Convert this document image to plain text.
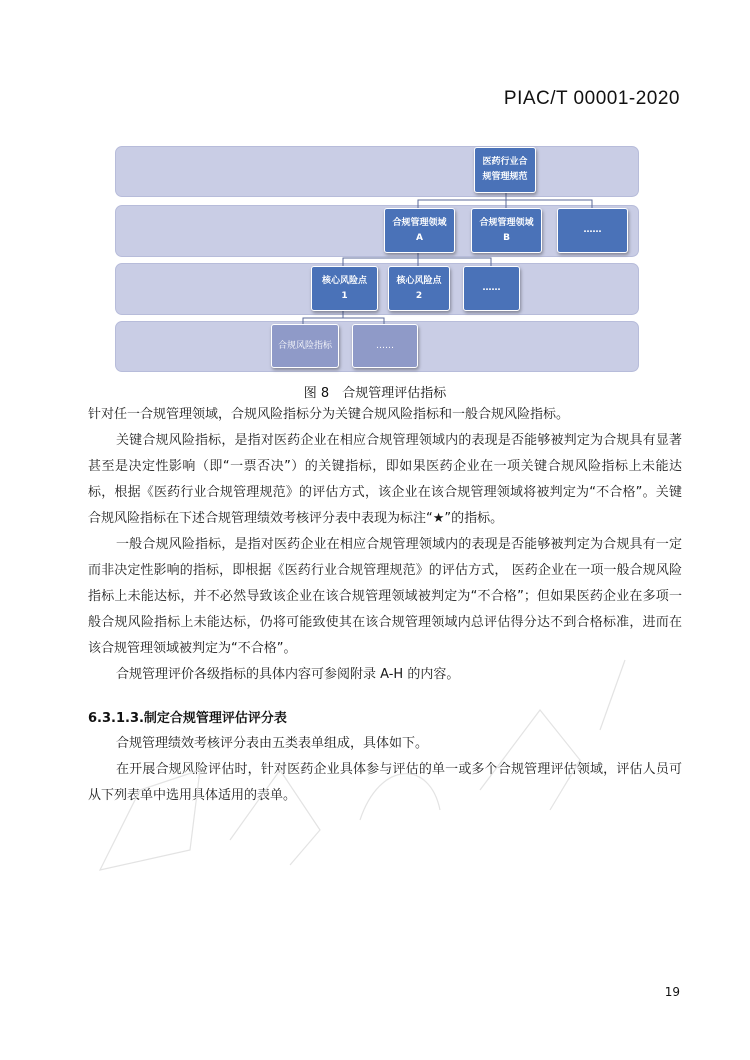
PIAC/T 00001-2020
医药行业合
规管理规范
合规管理领域
A
合规管理领域
B
……
核心风险点
1
核心风险点
2
……
合规风险指标	……
图 8　合规管理评估指标

针对任一合规管理领域，合规风险指标分为关键合规风险指标和一般合规风险指标。

关键合规风险指标，是指对医药企业在相应合规管理领域内的表现是否能够被判定为合规具有显著甚至是决定性影响（即“一票否决”）的关键指标，即如果医药企业在一项关键合规风险指标上未能达标，根据《医药行业合规管理规范》的评估方式，该企业在该合规管理领域将被判定为“不合格”。关键合规风险指标在下述合规管理绩效考核评分表中表现为标注“★”的指标。

一般合规风险指标，是指对医药企业在相应合规管理领域内的表现是否能够被判定为合规具有一定而非决定性影响的指标，即根据《医药行业合规管理规范》的评估方式， 医药企业在一项一般合规风险指标上未能达标，并不必然导致该企业在该合规管理领域被判定为“不合格”；但如果医药企业在多项一般合规风险指标上未能达标，仍将可能致使其在该合规管理领域内总评估得分达不到合格标准，进而在该合规管理领域被判定为“不合格”。

合规管理评价各级指标的具体内容可参阅附录 A-H 的内容。

6.3.1.3.制定合规管理评估评分表

合规管理绩效考核评分表由五类表单组成，具体如下。

在开展合规风险评估时，针对医药企业具体参与评估的单一或多个合规管理评估领域，评估人员可从下列表单中选用具体适用的表单。

19
